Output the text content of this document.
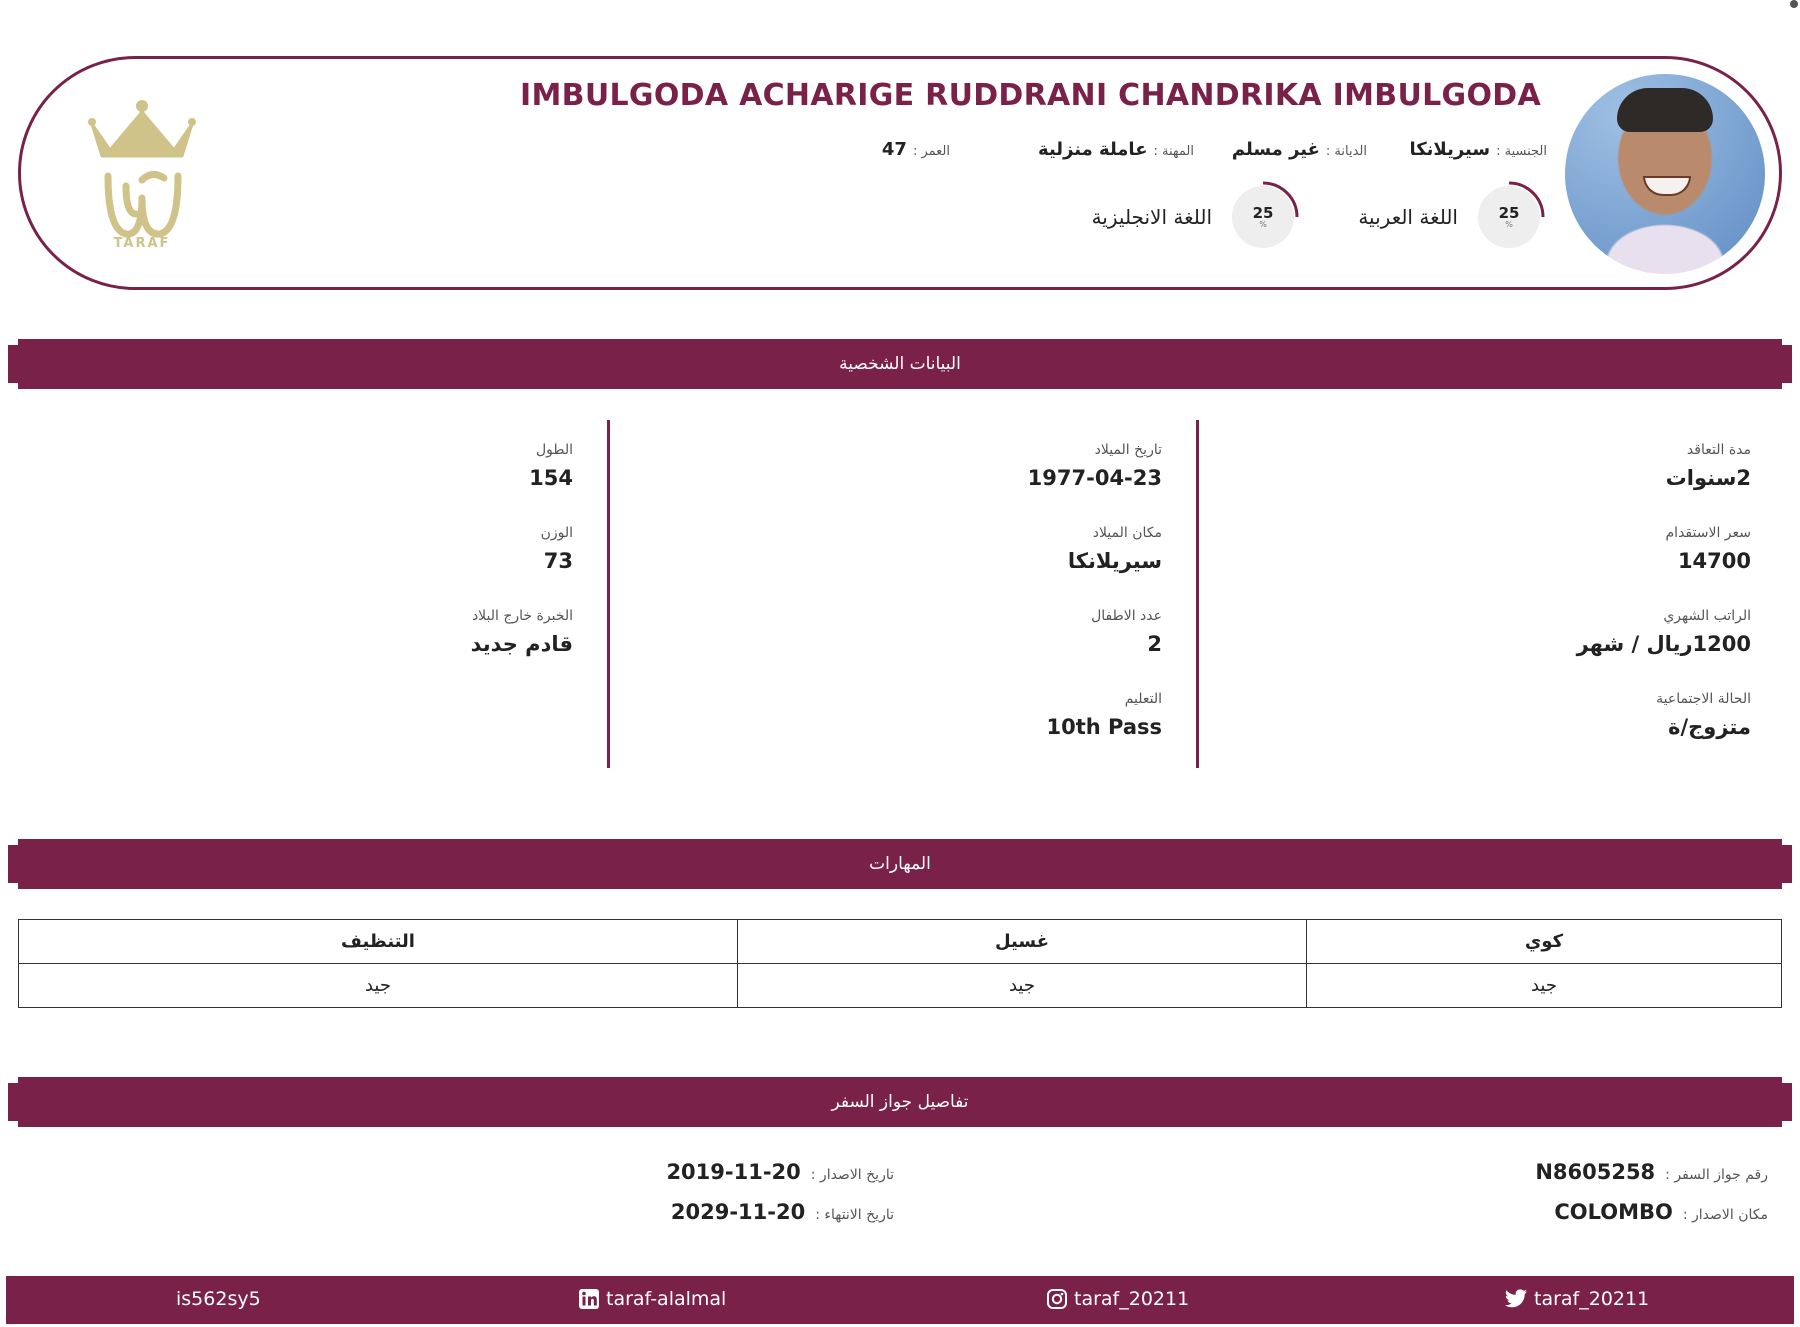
IMBULGODA ACHARIGE RUDDRANI CHANDRIKA IMBULGODA
الجنسية :
سيريلانكا
الديانة :
غير مسلم
المهنة :
عاملة منزلية
العمر :
47
25
%
اللغة العربية
25
%
اللغة الانجليزية
TARAF
البيانات الشخصية
مدة التعاقد
2سنوات
سعر الاستقدام
14700
الراتب الشهري
1200ريال / شهر
الحالة الاجتماعية
متزوج/ة
تاريخ الميلاد
1977-04-23
مكان الميلاد
سيريلانكا
عدد الاطفال
2
التعليم
10th Pass
الطول
154
الوزن
73
الخبرة خارج البلاد
قادم جديد
المهارات
كوي	غسيل	التنظيف
جيد	جيد	جيد
تفاصيل جواز السفر
رقم جواز السفر :
N8605258
مكان الاصدار :
COLOMBO
تاريخ الاصدار :
2019-11-20
تاريخ الانتهاء :
2029-11-20
is562sy5	taraf-alalmal	taraf_20211	taraf_20211
